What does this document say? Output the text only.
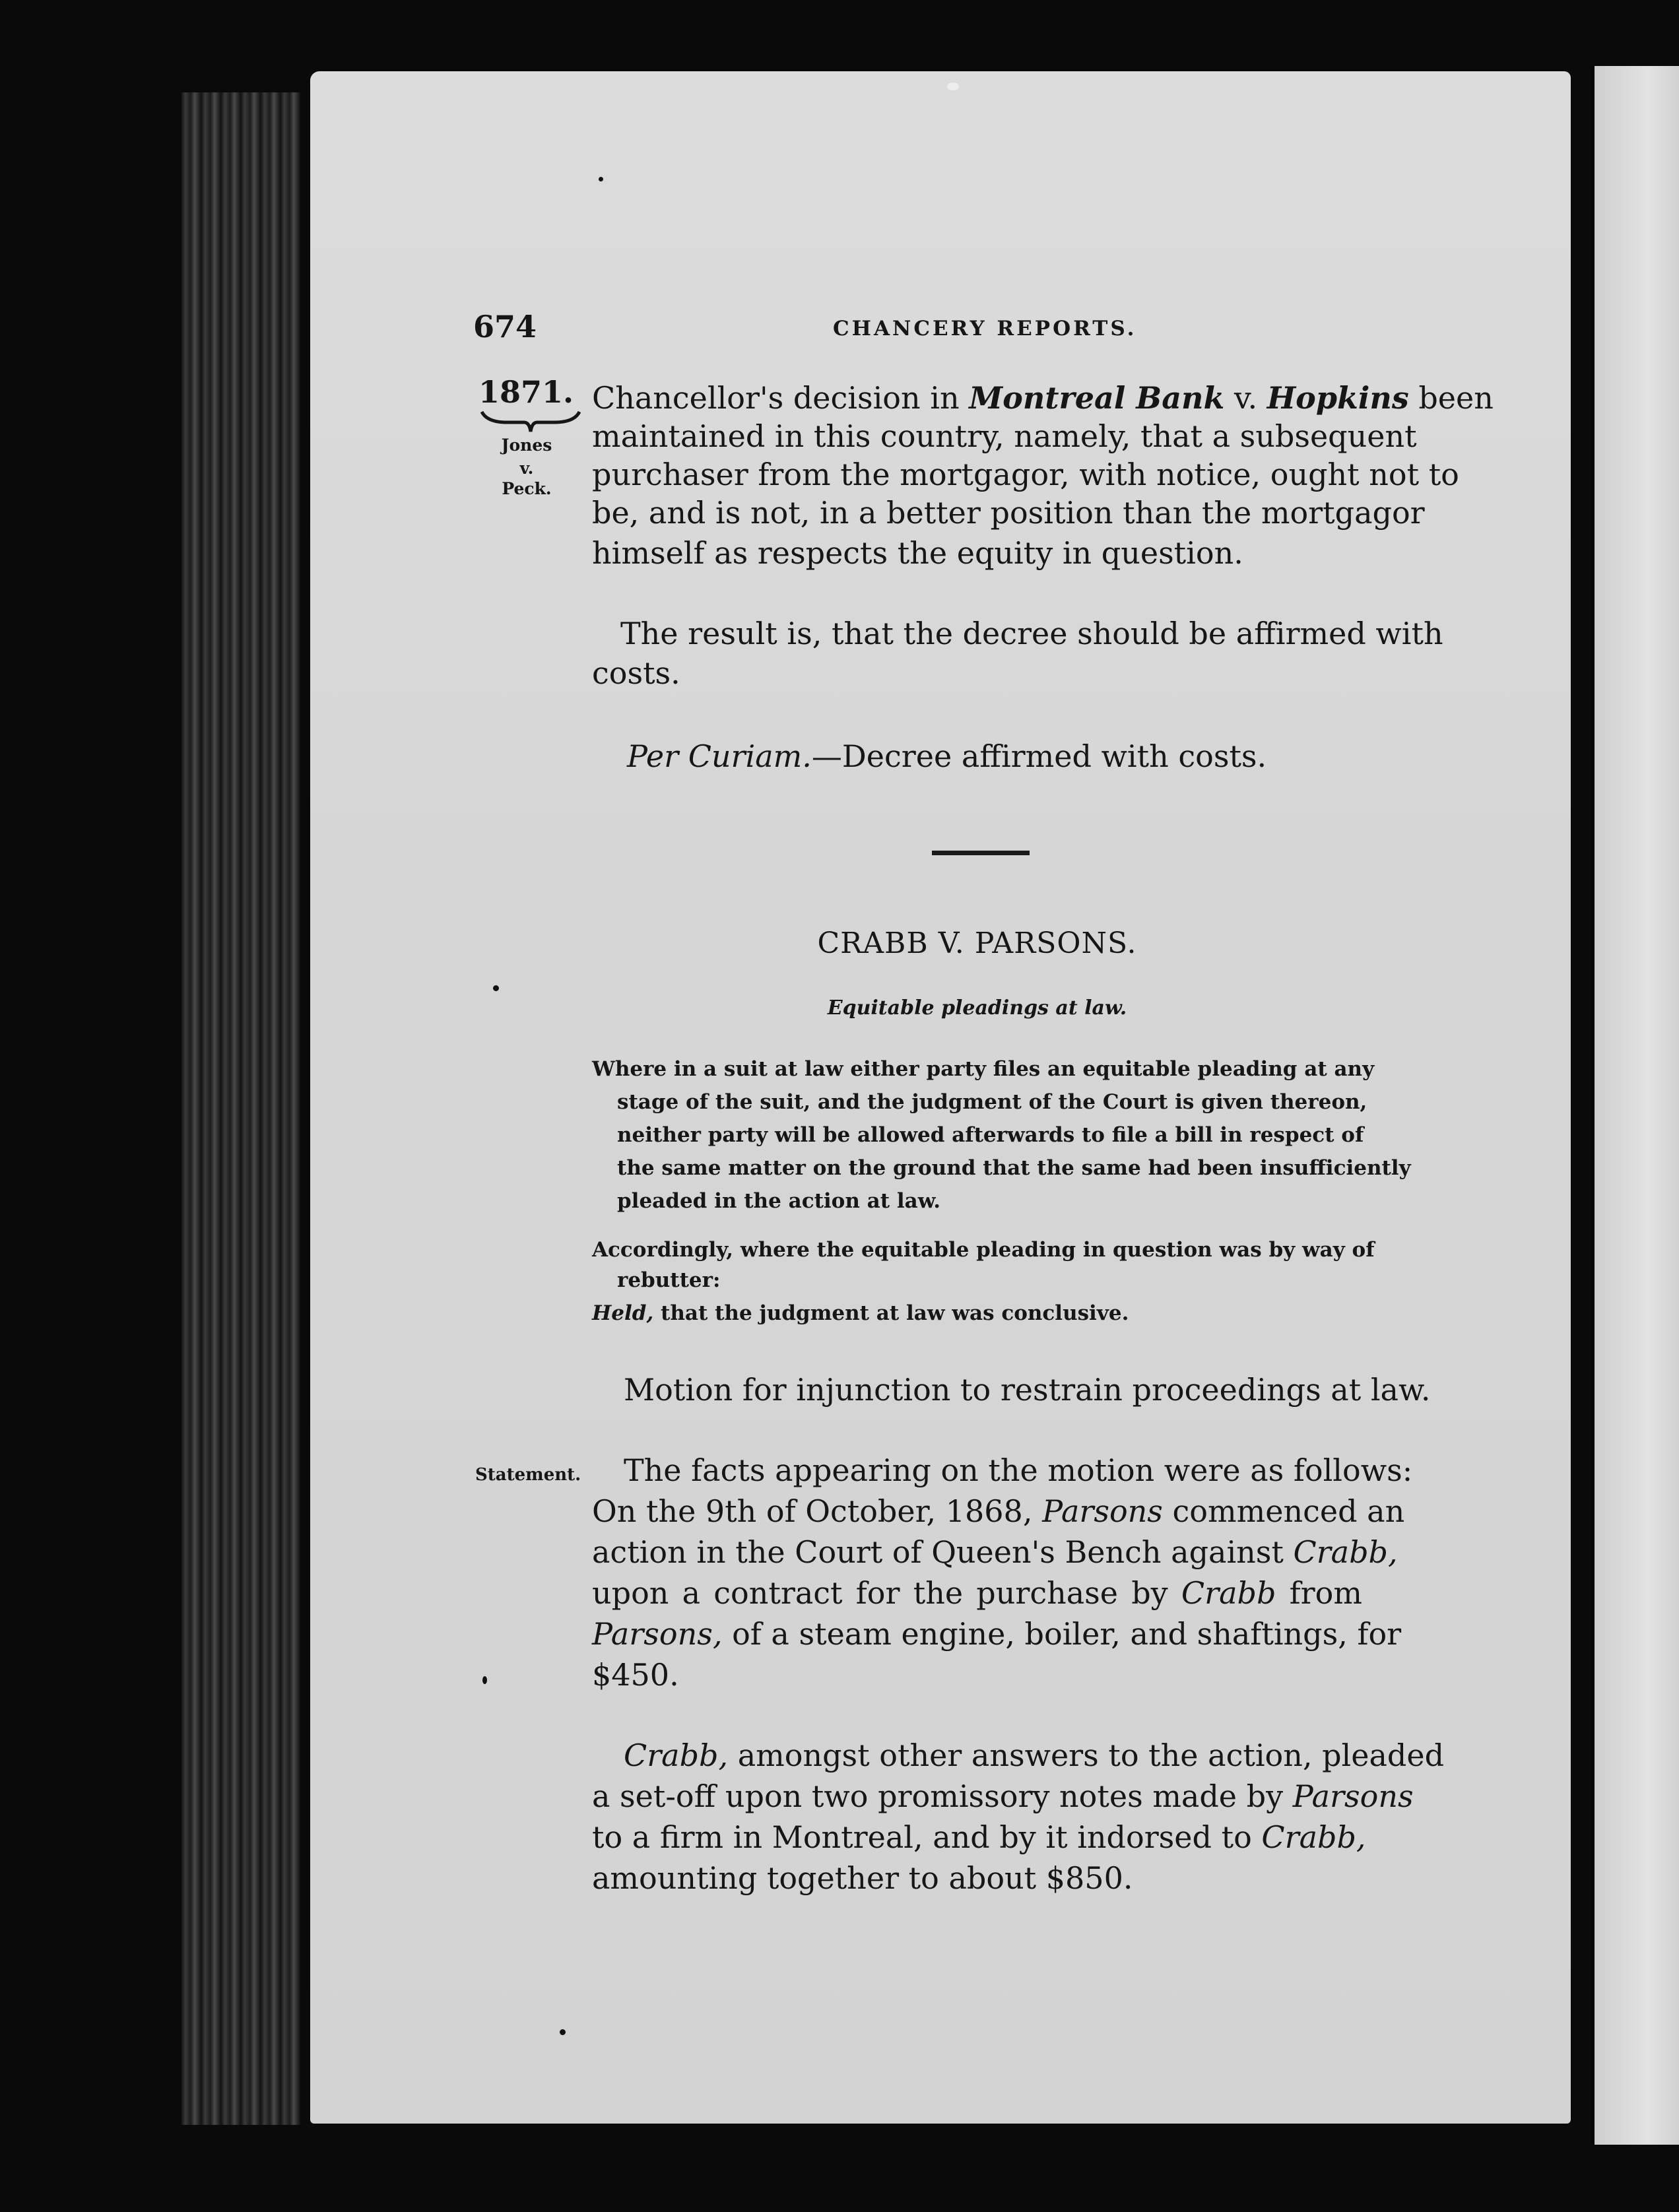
674	CHANCERY REPORTS.
1871.
Jones
v.
Peck.
Chancellor's decision in Montreal Bank v. Hopkins been
maintained in this country, namely, that a subsequent
purchaser from the mortgagor, with notice, ought not to
be, and is not, in a better position than the mortgagor
himself as respects the equity in question.
The result is, that the decree should be affirmed with
costs.
Per Curiam.—Decree affirmed with costs.
CRABB V. PARSONS.
Equitable pleadings at law.
Where in a suit at law either party files an equitable pleading at any
stage of the suit, and the judgment of the Court is given thereon,
neither party will be allowed afterwards to file a bill in respect of
the same matter on the ground that the same had been insufficiently
pleaded in the action at law.
Accordingly, where the equitable pleading in question was by way of
rebutter:
Held, that the judgment at law was conclusive.
Motion for injunction to restrain proceedings at law.
Statement. The facts appearing on the motion were as follows:
On the 9th of October, 1868, Parsons commenced an
action in the Court of Queen's Bench against Crabb,
upon a contract for the purchase by Crabb from
Parsons, of a steam engine, boiler, and shaftings, for
$450.
Crabb, amongst other answers to the action, pleaded
a set-off upon two promissory notes made by Parsons
to a firm in Montreal, and by it indorsed to Crabb,
amounting together to about $850.
